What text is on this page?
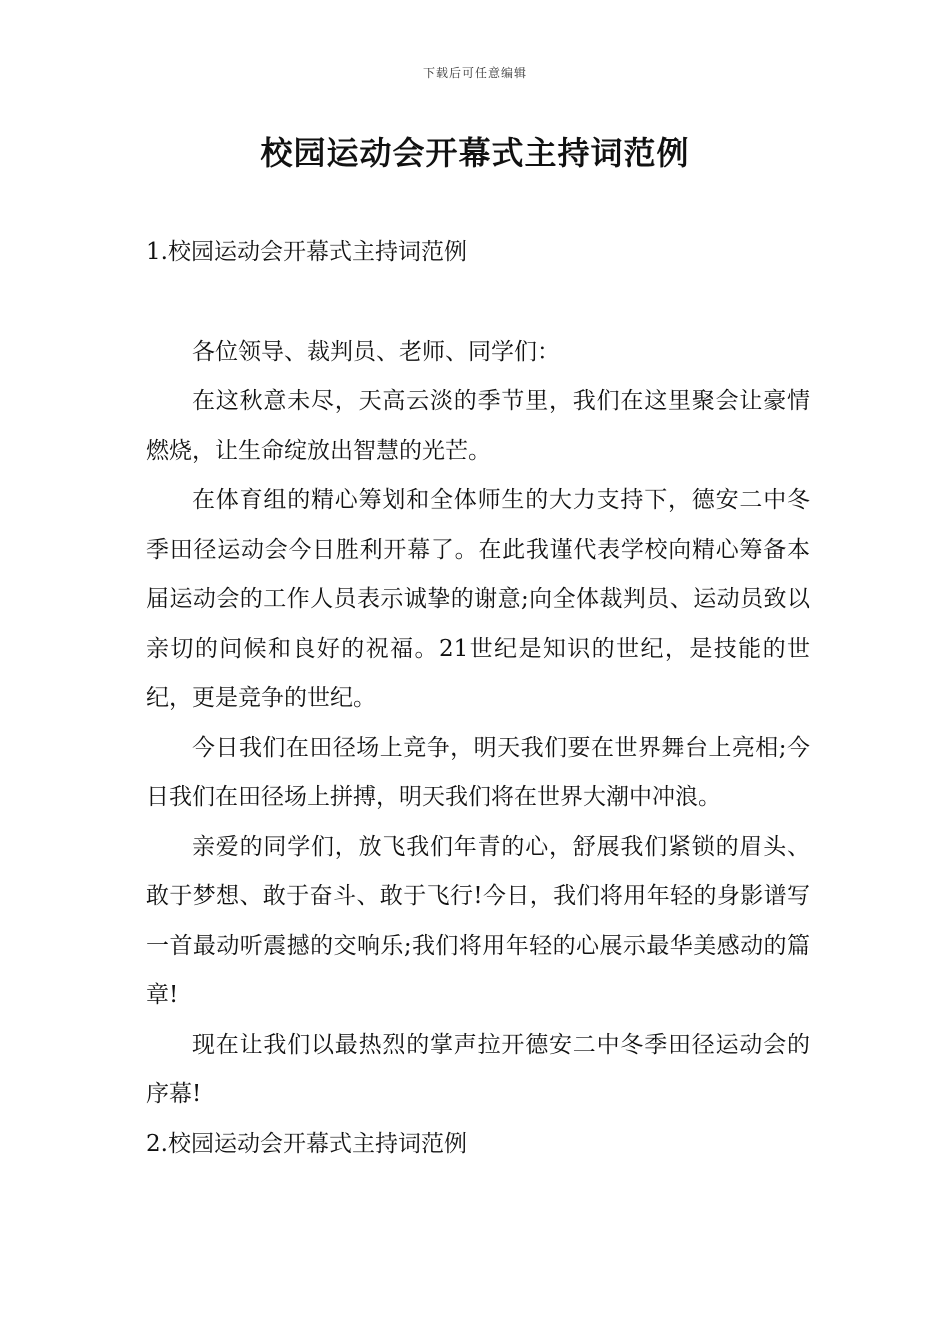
下载后可任意编辑
校园运动会开幕式主持词范例

1.校园运动会开幕式主持词范例

各位领导、裁判员、老师、同学们：

在这秋意未尽，天高云淡的季节里，我们在这里聚会让豪情燃烧，让生命绽放出智慧的光芒。

在体育组的精心筹划和全体师生的大力支持下，德安二中冬季田径运动会今日胜利开幕了。在此我谨代表学校向精心筹备本届运动会的工作人员表示诚挚的谢意;向全体裁判员、运动员致以亲切的问候和良好的祝福。21世纪是知识的世纪，是技能的世纪，更是竞争的世纪。

今日我们在田径场上竞争，明天我们要在世界舞台上亮相;今日我们在田径场上拼搏，明天我们将在世界大潮中冲浪。

亲爱的同学们，放飞我们年青的心，舒展我们紧锁的眉头、敢于梦想、敢于奋斗、敢于飞行!今日，我们将用年轻的身影谱写一首最动听震撼的交响乐;我们将用年轻的心展示最华美感动的篇章!

现在让我们以最热烈的掌声拉开德安二中冬季田径运动会的序幕!

2.校园运动会开幕式主持词范例
